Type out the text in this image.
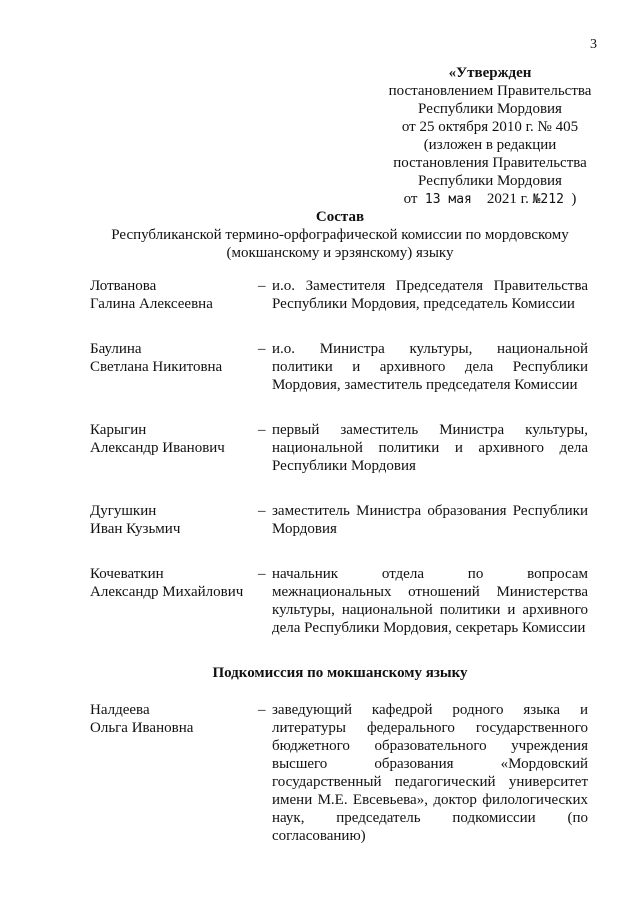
3
«Утвержден
постановлением Правительства
Республики Мордовия
от 25 октября 2010 г. № 405
(изложен в редакции
постановления Правительства
Республики Мордовия
от 13 мая 2021 г. №212 )
Состав
Республиканской термино-орфографической комиссии по мордовскому
(мокшанскому и эрзянскому) языку
Лотванова
Галина Алексеевна
– и.о. Заместителя Председателя Правительства Республики Мордовия, председатель Комиссии
Баулина
Светлана Никитовна
– и.о. Министра культуры, национальной политики и архивного дела Республики Мордовия, заместитель председателя Комиссии
Карыгин
Александр Иванович
– первый заместитель Министра культуры, национальной политики и архивного дела Республики Мордовия
Дугушкин
Иван Кузьмич
– заместитель Министра образования Республики Мордовия
Кочеваткин
Александр Михайлович
– начальник отдела по вопросам межнациональных отношений Министерства культуры, национальной политики и архивного дела Республики Мордовия, секретарь Комиссии
Подкомиссия по мокшанскому языку
Налдеева
Ольга Ивановна
– заведующий кафедрой родного языка и литературы федерального государственного бюджетного образовательного учреждения высшего образования «Мордовский государственный педагогический университет имени М.Е. Евсевьева», доктор филологических наук, председатель подкомиссии (по согласованию)
